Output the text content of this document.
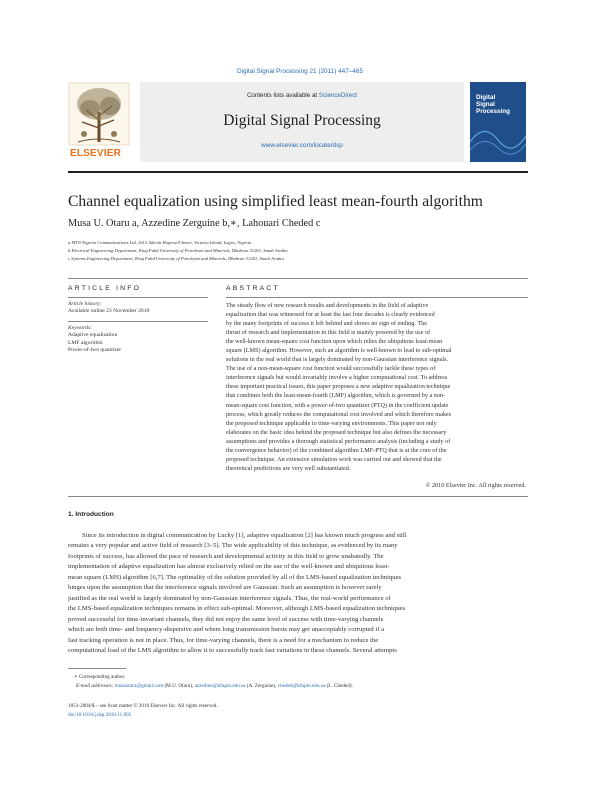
Digital Signal Processing 21 (2011) 447–465
ELSEVIER
Contents lists available at ScienceDirect
Digital Signal Processing
www.elsevier.com/locate/dsp
Digital
Signal
Processing
Channel equalization using simplified least mean-fourth algorithm
Musa U. Otaru a, Azzedine Zerguine b,∗, Lahouari Cheded c
a MTN Nigeria Communications Ltd, 1612 Adeola Hopewell Street, Victoria Island, Lagos, Nigeria
b Electrical Engineering Department, King Fahd University of Petroleum and Minerals, Dhahran 31261, Saudi Arabia
c Systems Engineering Department, King Fahd University of Petroleum and Minerals, Dhahran 31261, Saudi Arabia
ARTICLE INFO	ABSTRACT
Article history:
Available online 23 November 2010
Keywords:
Adaptive equalization
LMF algorithm
Power-of-two quantizer
The steady flow of new research results and developments in the field of adaptive
equalization that was witnessed for at least the last four decades is clearly evidenced
by the many footprints of success it left behind and shows no sign of ending. The
thrust of research and implementation in this field is mainly powered by the use of
the well-known mean-square cost function upon which relies the ubiquitous least-mean
square (LMS) algorithm. However, such an algorithm is well-known to lead to sub-optimal
solutions in the real world that is largely dominated by non-Gaussian interference signals.
The use of a non-mean-square cost function would successfully tackle these types of
interference signals but would invariably involve a higher computational cost. To address
these important practical issues, this paper proposes a new adaptive equalization technique
that combines both the least-mean-fourth (LMF) algorithm, which is governed by a non-
mean-square cost function, with a power-of-two quantizer (PTQ) in the coefficient update
process, which greatly reduces the computational cost involved and which therefore makes
the proposed technique applicable to time-varying environments. This paper not only
elaborates on the basic idea behind the proposed technique but also defines the necessary
assumptions and provides a thorough statistical performance analysis (including a study of
the convergence behavior) of the combined algorithm LMF-PTQ that is at the core of the
proposed technique. An extensive simulation work was carried out and showed that the
theoretical predictions are very well substantiated.
© 2010 Elsevier Inc. All rights reserved.
1. Introduction
Since its introduction in digital communication by Lucky [1], adaptive equalization [2] has known much progress and still
remains a very popular and active field of research [3–5]. The wide applicability of this technique, as evidenced by its many
footprints of success, has allowed the pace of research and developmental activity in this field to grow unabatedly. The
implementation of adaptive equalization has almost exclusively relied on the use of the well-known and ubiquitous least-
mean square (LMS) algorithm [6,7]. The optimality of the solution provided by all of the LMS-based equalization techniques
hinges upon the assumption that the interference signals involved are Gaussian. Such an assumption is however rarely
justified as the real world is largely dominated by non-Gaussian interference signals. Thus, the real-world performance of
the LMS-based equalization techniques remains in effect sub-optimal. Moreover, although LMS-based equalization techniques
proved successful for time-invariant channels, they did not enjoy the same level of success with time-varying channels
which are both time- and frequency-dispersive and where long transmission bursts may get unacceptably corrupted if a
fast tracking operation is not in place. Thus, for time-varying channels, there is a need for a mechanism to reduce the
computational load of the LMS algorithm to allow it to successfully track fast variations in these channels. Several attempts
∗ Corresponding author.
E-mail addresses: musaotaru@gmail.com (M.U. Otaru), azzedine@kfupm.edu.sa (A. Zerguine), cheded@kfupm.edu.sa (L. Cheded).
1051-2004/$ – see front matter © 2010 Elsevier Inc. All rights reserved.
doi:10.1016/j.dsp.2010.11.005
